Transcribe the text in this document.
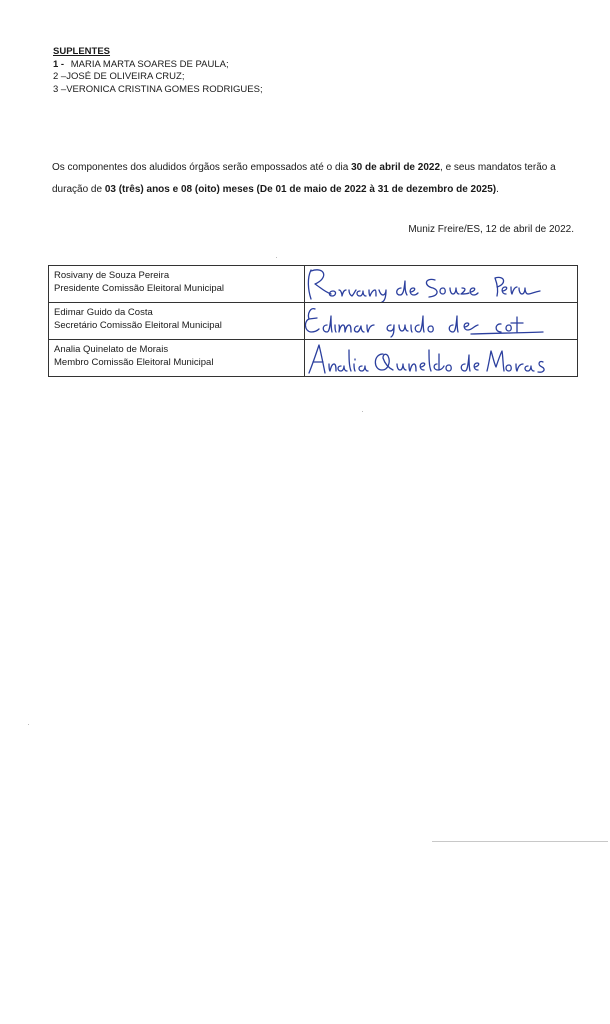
SUPLENTES
1 - MARIA MARTA SOARES DE PAULA;
2 –JOSÉ DE OLIVEIRA CRUZ;
3 –VERONICA CRISTINA GOMES RODRIGUES;
Os componentes dos aludidos órgãos serão empossados até o dia 30 de abril de 2022, e seus mandatos terão a duração de 03 (três) anos e 08 (oito) meses (De 01 de maio de 2022 à 31 de dezembro de 2025).
Muniz Freire/ES, 12 de abril de 2022.
Rosivany de Souza Pereira
Presidente Comissão Eleitoral Municipal

Edimar Guido da Costa
Secretário Comissão Eleitoral Municipal

Analia Quinelato de Morais
Membro Comissão Eleitoral Municipal
